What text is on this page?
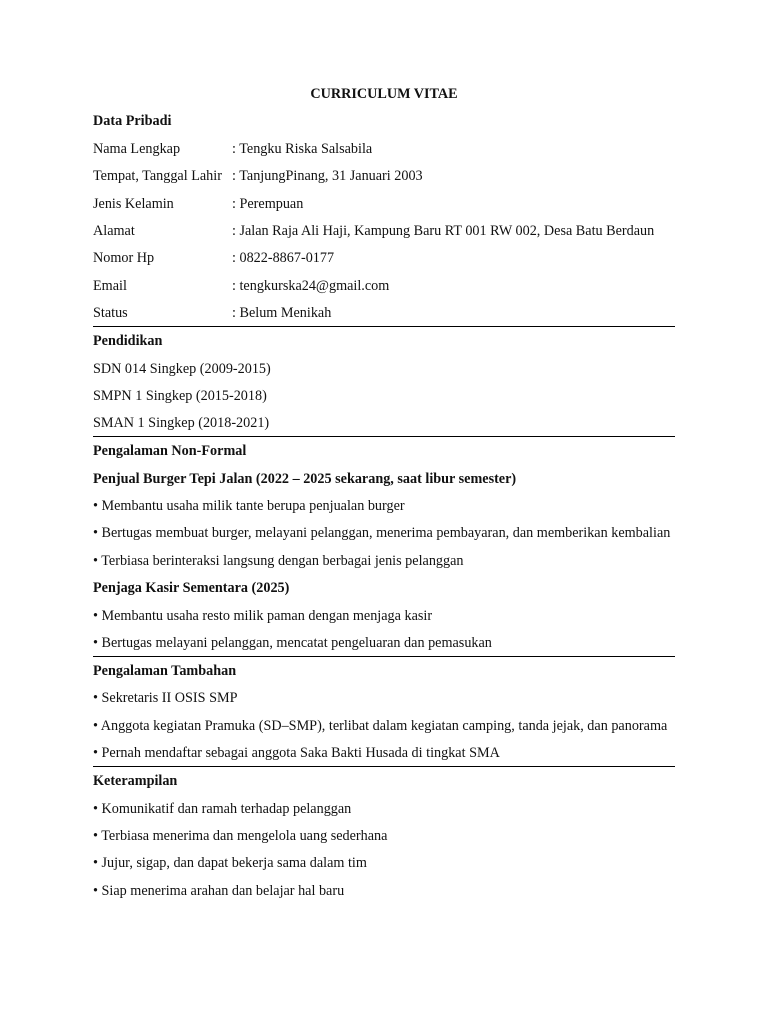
CURRICULUM VITAE
Data Pribadi
Nama Lengkap	: Tengku Riska Salsabila
Tempat, Tanggal Lahir : TanjungPinang, 31 Januari 2003
Jenis Kelamin	: Perempuan
Alamat	: Jalan Raja Ali Haji, Kampung Baru RT 001 RW 002, Desa Batu Berdaun
Nomor Hp	: 0822-8867-0177
Email	: tengkurska24@gmail.com
Status	: Belum Menikah
Pendidikan
SDN 014 Singkep (2009-2015)
SMPN 1 Singkep (2015-2018)
SMAN 1 Singkep (2018-2021)
Pengalaman Non-Formal
Penjual Burger Tepi Jalan (2022 – 2025 sekarang, saat libur semester)
• Membantu usaha milik tante berupa penjualan burger
• Bertugas membuat burger, melayani pelanggan, menerima pembayaran, dan memberikan kembalian
• Terbiasa berinteraksi langsung dengan berbagai jenis pelanggan
Penjaga Kasir Sementara (2025)
• Membantu usaha resto milik paman dengan menjaga kasir
• Bertugas melayani pelanggan, mencatat pengeluaran dan pemasukan
Pengalaman Tambahan
• Sekretaris II OSIS SMP
• Anggota kegiatan Pramuka (SD–SMP), terlibat dalam kegiatan camping, tanda jejak, dan panorama
• Pernah mendaftar sebagai anggota Saka Bakti Husada di tingkat SMA
Keterampilan
• Komunikatif dan ramah terhadap pelanggan
• Terbiasa menerima dan mengelola uang sederhana
• Jujur, sigap, dan dapat bekerja sama dalam tim
• Siap menerima arahan dan belajar hal baru
